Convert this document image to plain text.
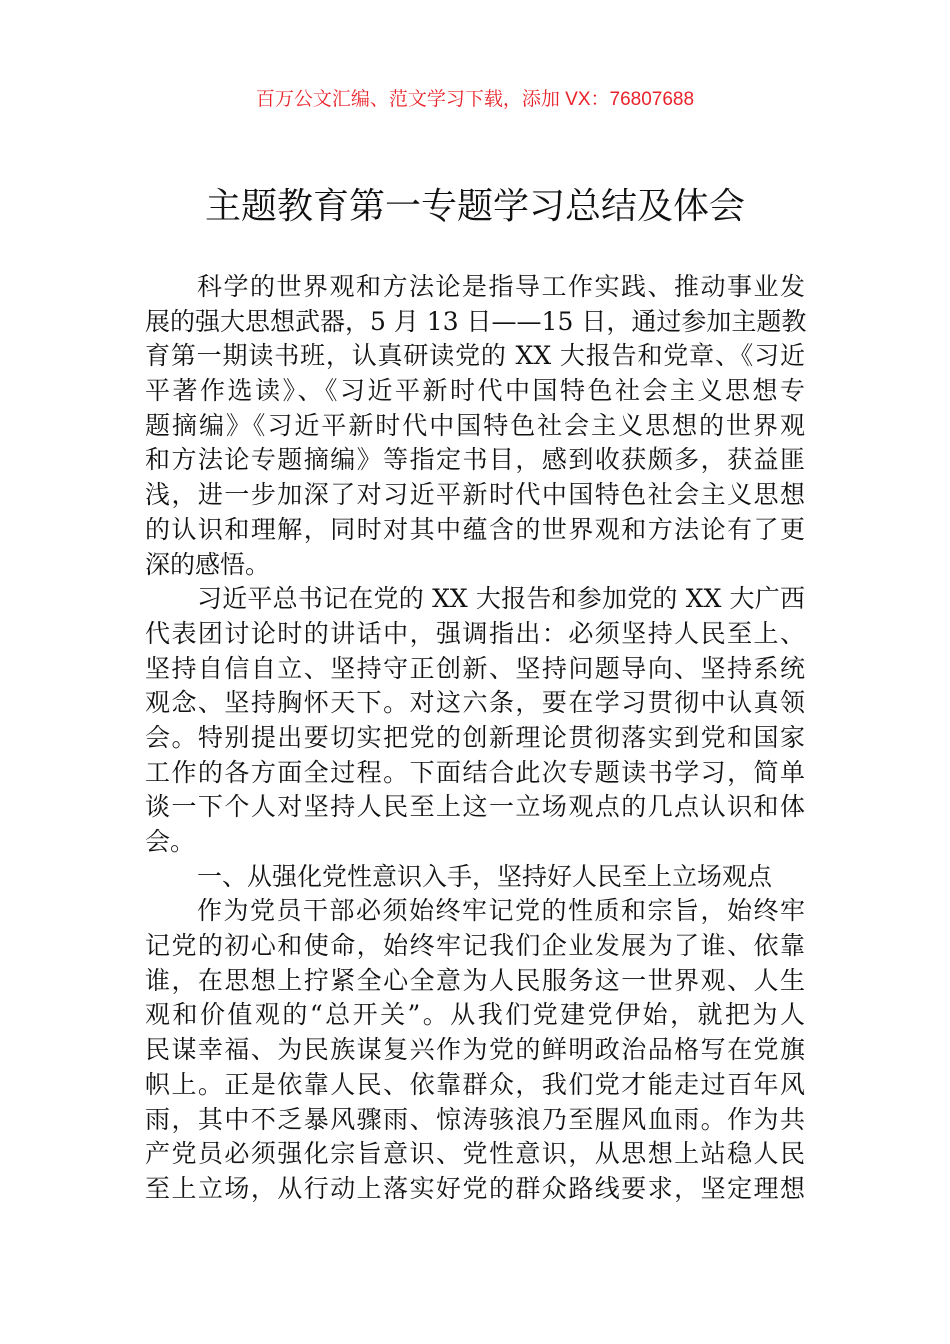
百万公文汇编、范文学习下载，添加 VX：76807688
主题教育第一专题学习总结及体会
科学的世界观和方法论是指导工作实践、推动事业发
展的强大思想武器，5 月 13 日——15 日，通过参加主题教
育第一期读书班，认真研读党的 XX 大报告和党章、《习近
平著作选读》、《习近平新时代中国特色社会主义思想专
题摘编》《习近平新时代中国特色社会主义思想的世界观
和方法论专题摘编》等指定书目，感到收获颇多，获益匪
浅，进一步加深了对习近平新时代中国特色社会主义思想
的认识和理解，同时对其中蕴含的世界观和方法论有了更
深的感悟。
习近平总书记在党的 XX 大报告和参加党的 XX 大广西
代表团讨论时的讲话中，强调指出：必须坚持人民至上、
坚持自信自立、坚持守正创新、坚持问题导向、坚持系统
观念、坚持胸怀天下。对这六条，要在学习贯彻中认真领
会。特别提出要切实把党的创新理论贯彻落实到党和国家
工作的各方面全过程。下面结合此次专题读书学习，简单
谈一下个人对坚持人民至上这一立场观点的几点认识和体
会。
一、从强化党性意识入手，坚持好人民至上立场观点
作为党员干部必须始终牢记党的性质和宗旨，始终牢
记党的初心和使命，始终牢记我们企业发展为了谁、依靠
谁，在思想上拧紧全心全意为人民服务这一世界观、人生
观和价值观的“总开关”。从我们党建党伊始，就把为人
民谋幸福、为民族谋复兴作为党的鲜明政治品格写在党旗
帜上。正是依靠人民、依靠群众，我们党才能走过百年风
雨，其中不乏暴风骤雨、惊涛骇浪乃至腥风血雨。作为共
产党员必须强化宗旨意识、党性意识，从思想上站稳人民
至上立场，从行动上落实好党的群众路线要求，坚定理想
